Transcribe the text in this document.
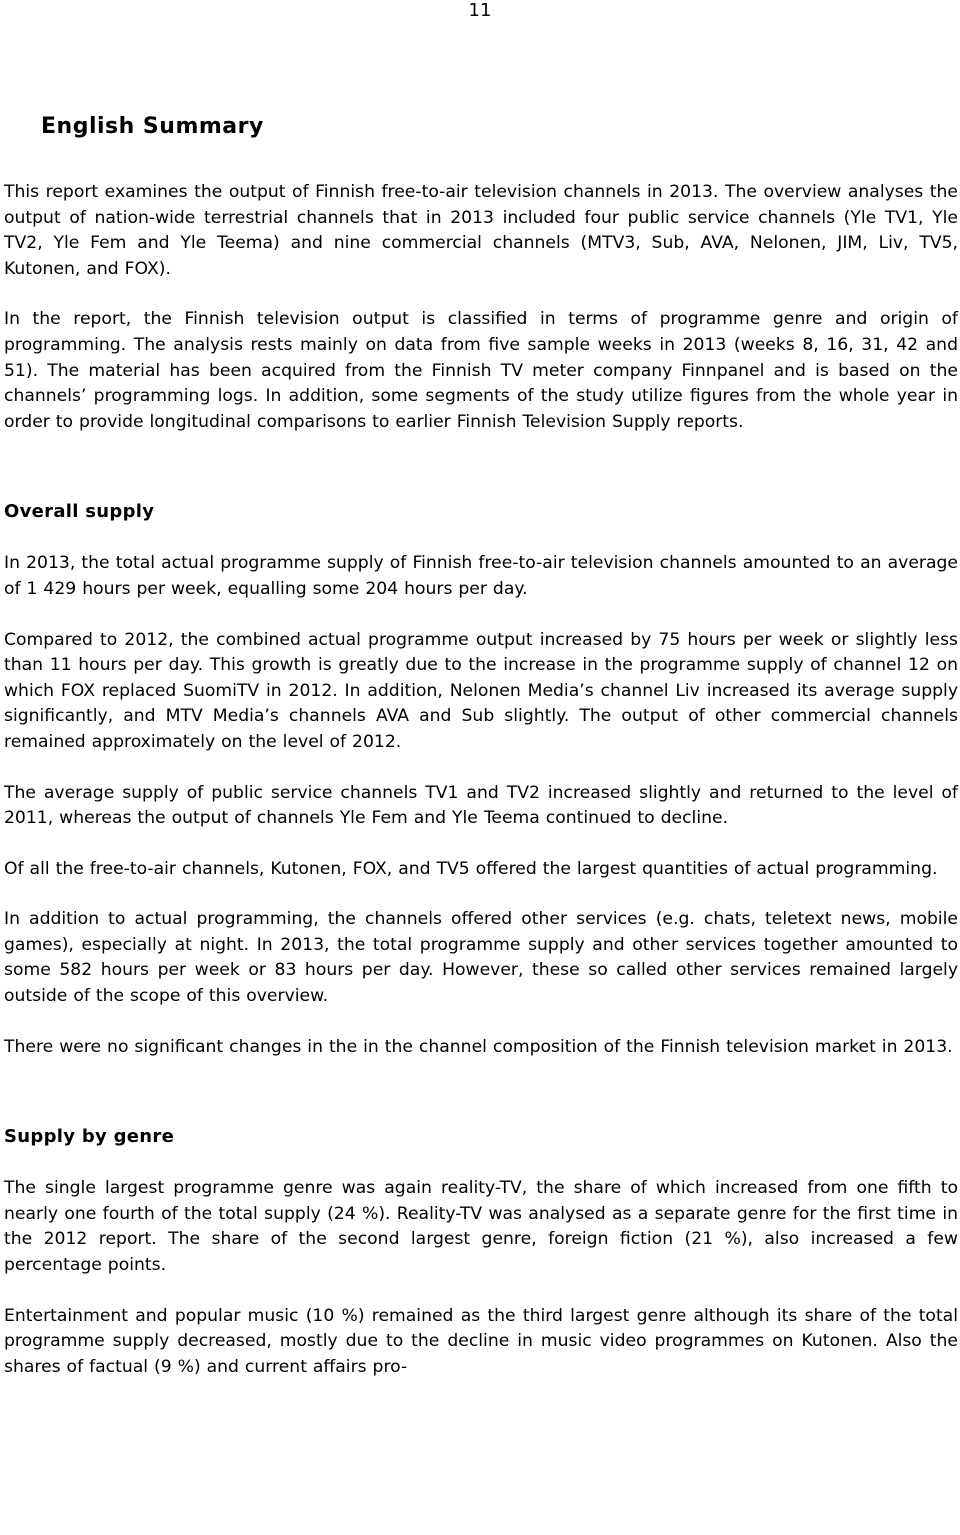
11
English Summary

This report examines the output of Finnish free-to-air television channels in 2013. The overview analyses the output of nation-wide terrestrial channels that in 2013 included four public service channels (Yle TV1, Yle TV2, Yle Fem and Yle Teema) and nine commercial channels (MTV3, Sub, AVA, Nelonen, JIM, Liv, TV5, Kutonen, and FOX).

In the report, the Finnish television output is classified in terms of programme genre and origin of programming. The analysis rests mainly on data from five sample weeks in 2013 (weeks 8, 16, 31, 42 and 51). The material has been acquired from the Finnish TV meter company Finnpanel and is based on the channels’ programming logs. In addition, some segments of the study utilize figures from the whole year in order to provide longitudinal comparisons to earlier Finnish Television Supply reports.

Overall supply

In 2013, the total actual programme supply of Finnish free-to-air television channels amounted to an average of 1 429 hours per week, equalling some 204 hours per day.

Compared to 2012, the combined actual programme output increased by 75 hours per week or slightly less than 11 hours per day. This growth is greatly due to the increase in the programme supply of channel 12 on which FOX replaced SuomiTV in 2012. In addition, Nelonen Media’s channel Liv increased its average supply significantly, and MTV Media’s channels AVA and Sub slightly. The output of other commercial channels remained approximately on the level of 2012.

The average supply of public service channels TV1 and TV2 increased slightly and returned to the level of 2011, whereas the output of channels Yle Fem and Yle Teema continued to decline.

Of all the free-to-air channels, Kutonen, FOX, and TV5 offered the largest quantities of actual programming.

In addition to actual programming, the channels offered other services (e.g. chats, teletext news, mobile games), especially at night. In 2013, the total programme supply and other services together amounted to some 582 hours per week or 83 hours per day. However, these so called other services remained largely outside of the scope of this overview.

There were no significant changes in the in the channel composition of the Finnish television market in 2013.

Supply by genre

The single largest programme genre was again reality-TV, the share of which increased from one fifth to nearly one fourth of the total supply (24 %). Reality-TV was analysed as a separate genre for the first time in the 2012 report. The share of the second largest genre, foreign fiction (21 %), also increased a few percentage points.

Entertainment and popular music (10 %) remained as the third largest genre although its share of the total programme supply decreased, mostly due to the decline in music video programmes on Kutonen. Also the shares of factual (9 %) and current affairs pro-
